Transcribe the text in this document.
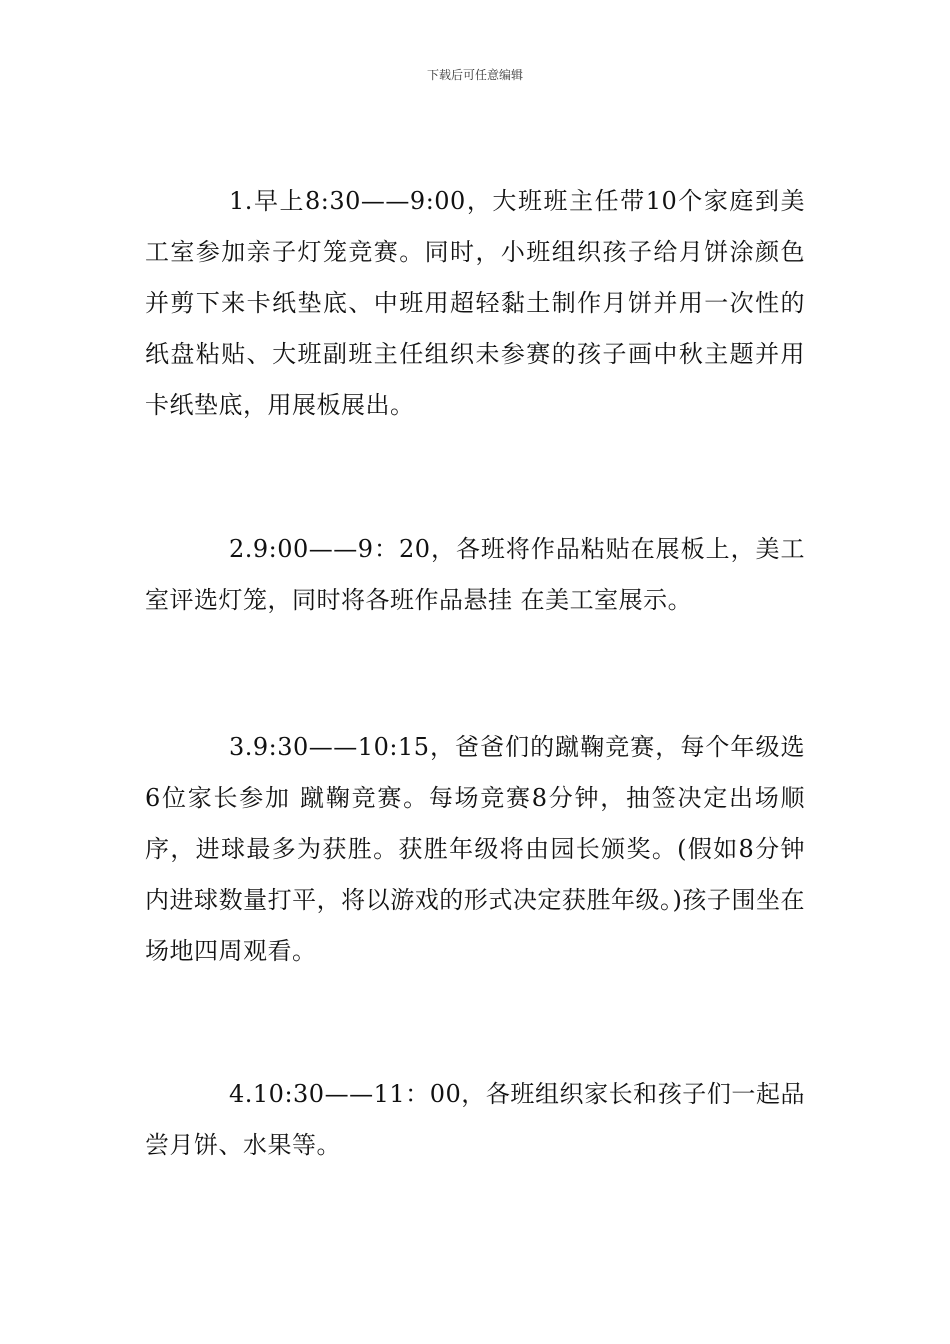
下载后可任意编辑
1.早上8:30——9:00，大班班主任带10个家庭到美工室参加亲子灯笼竞赛。同时，小班组织孩子给月饼涂颜色并剪下来卡纸垫底、中班用超轻黏土制作月饼并用一次性的纸盘粘贴、大班副班主任组织未参赛的孩子画中秋主题并用卡纸垫底，用展板展出。
2.9:00——9：20，各班将作品粘贴在展板上，美工室评选灯笼，同时将各班作品悬挂 在美工室展示。
3.9:30——10:15，爸爸们的蹴鞠竞赛，每个年级选6位家长参加 蹴鞠竞赛。每场竞赛8分钟，抽签决定出场顺序，进球最多为获胜。获胜年级将由园长颁奖。(假如8分钟内进球数量打平，将以游戏的形式决定获胜年级。)孩子围坐在场地四周观看。
4.10:30——11：00，各班组织家长和孩子们一起品尝月饼、水果等。
